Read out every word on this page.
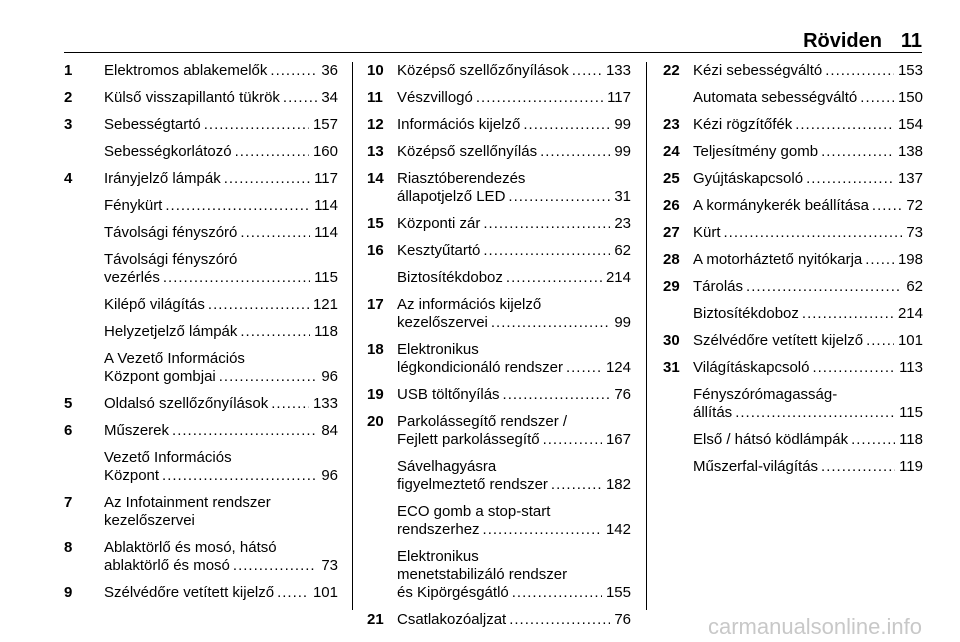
Röviden 11
1	Elektromos ablakemelők .....	36
2	Külső visszapillantó tükrök .....	34
3	Sebességtartó .....	157
Sebességkorlátozó .....	160
4	Irányjelző lámpák .....	117
Fénykürt .....	114
Távolsági fényszóró .....	114
Távolsági fényszóró
vezérlés .....	115
Kilépő világítás .....	121
Helyzetjelző lámpák .....	118
A Vezető Információs
Központ gombjai .....	96
5	Oldalsó szellőzőnyílások .....	133
6	Műszerek .....	84
Vezető Információs
Központ .....	96
7	Az Infotainment rendszer
kezelőszervei
8	Ablaktörlő és mosó, hátsó
ablaktörlő és mosó .....	73
9	Szélvédőre vetített kijelző .....	101
10 Középső szellőzőnyílások ..... 133
11 Vészvillogó .....	117
12 Információs kijelző .....	99
13 Középső szellőnyílás .....	99
14 Riasztóberendezés
állapotjelző LED .....	31
15 Központi zár .....	23
16 Kesztyűtartó .....	62
Biztosítékdoboz .....	214
17 Az információs kijelző
kezelőszervei .....	99
18 Elektronikus
légkondicionáló rendszer .....	124
19 USB töltőnyílás .....	76
20 Parkolássegítő rendszer /
Fejlett parkolássegítő .....	167
Sávelhagyásra
figyelmeztető rendszer .....	182
ECO gomb a stop-start
rendszerhez .....	142
Elektronikus
menetstabilizáló rendszer
és Kipörgésgátló .....	155
21 Csatlakozóaljzat .....	76
22 Kézi sebességváltó .....	153
Automata sebességváltó .....	150
23 Kézi rögzítőfék .....	154
24 Teljesítmény gomb .....	138
25 Gyújtáskapcsoló .....	137
26 A kormánykerék beállítása ..... 72
27 Kürt .....	73
28 A motorháztető nyitókarja ..... 198
29 Tárolás .....	62
Biztosítékdoboz .....	214
30 Szélvédőre vetített kijelző ..... 101
31 Világításkapcsoló .....	113
Fényszórómagasság-
állítás .....	115
Első / hátsó ködlámpák .....	118
Műszerfal-világítás .....	119
carmanualsonline.info
